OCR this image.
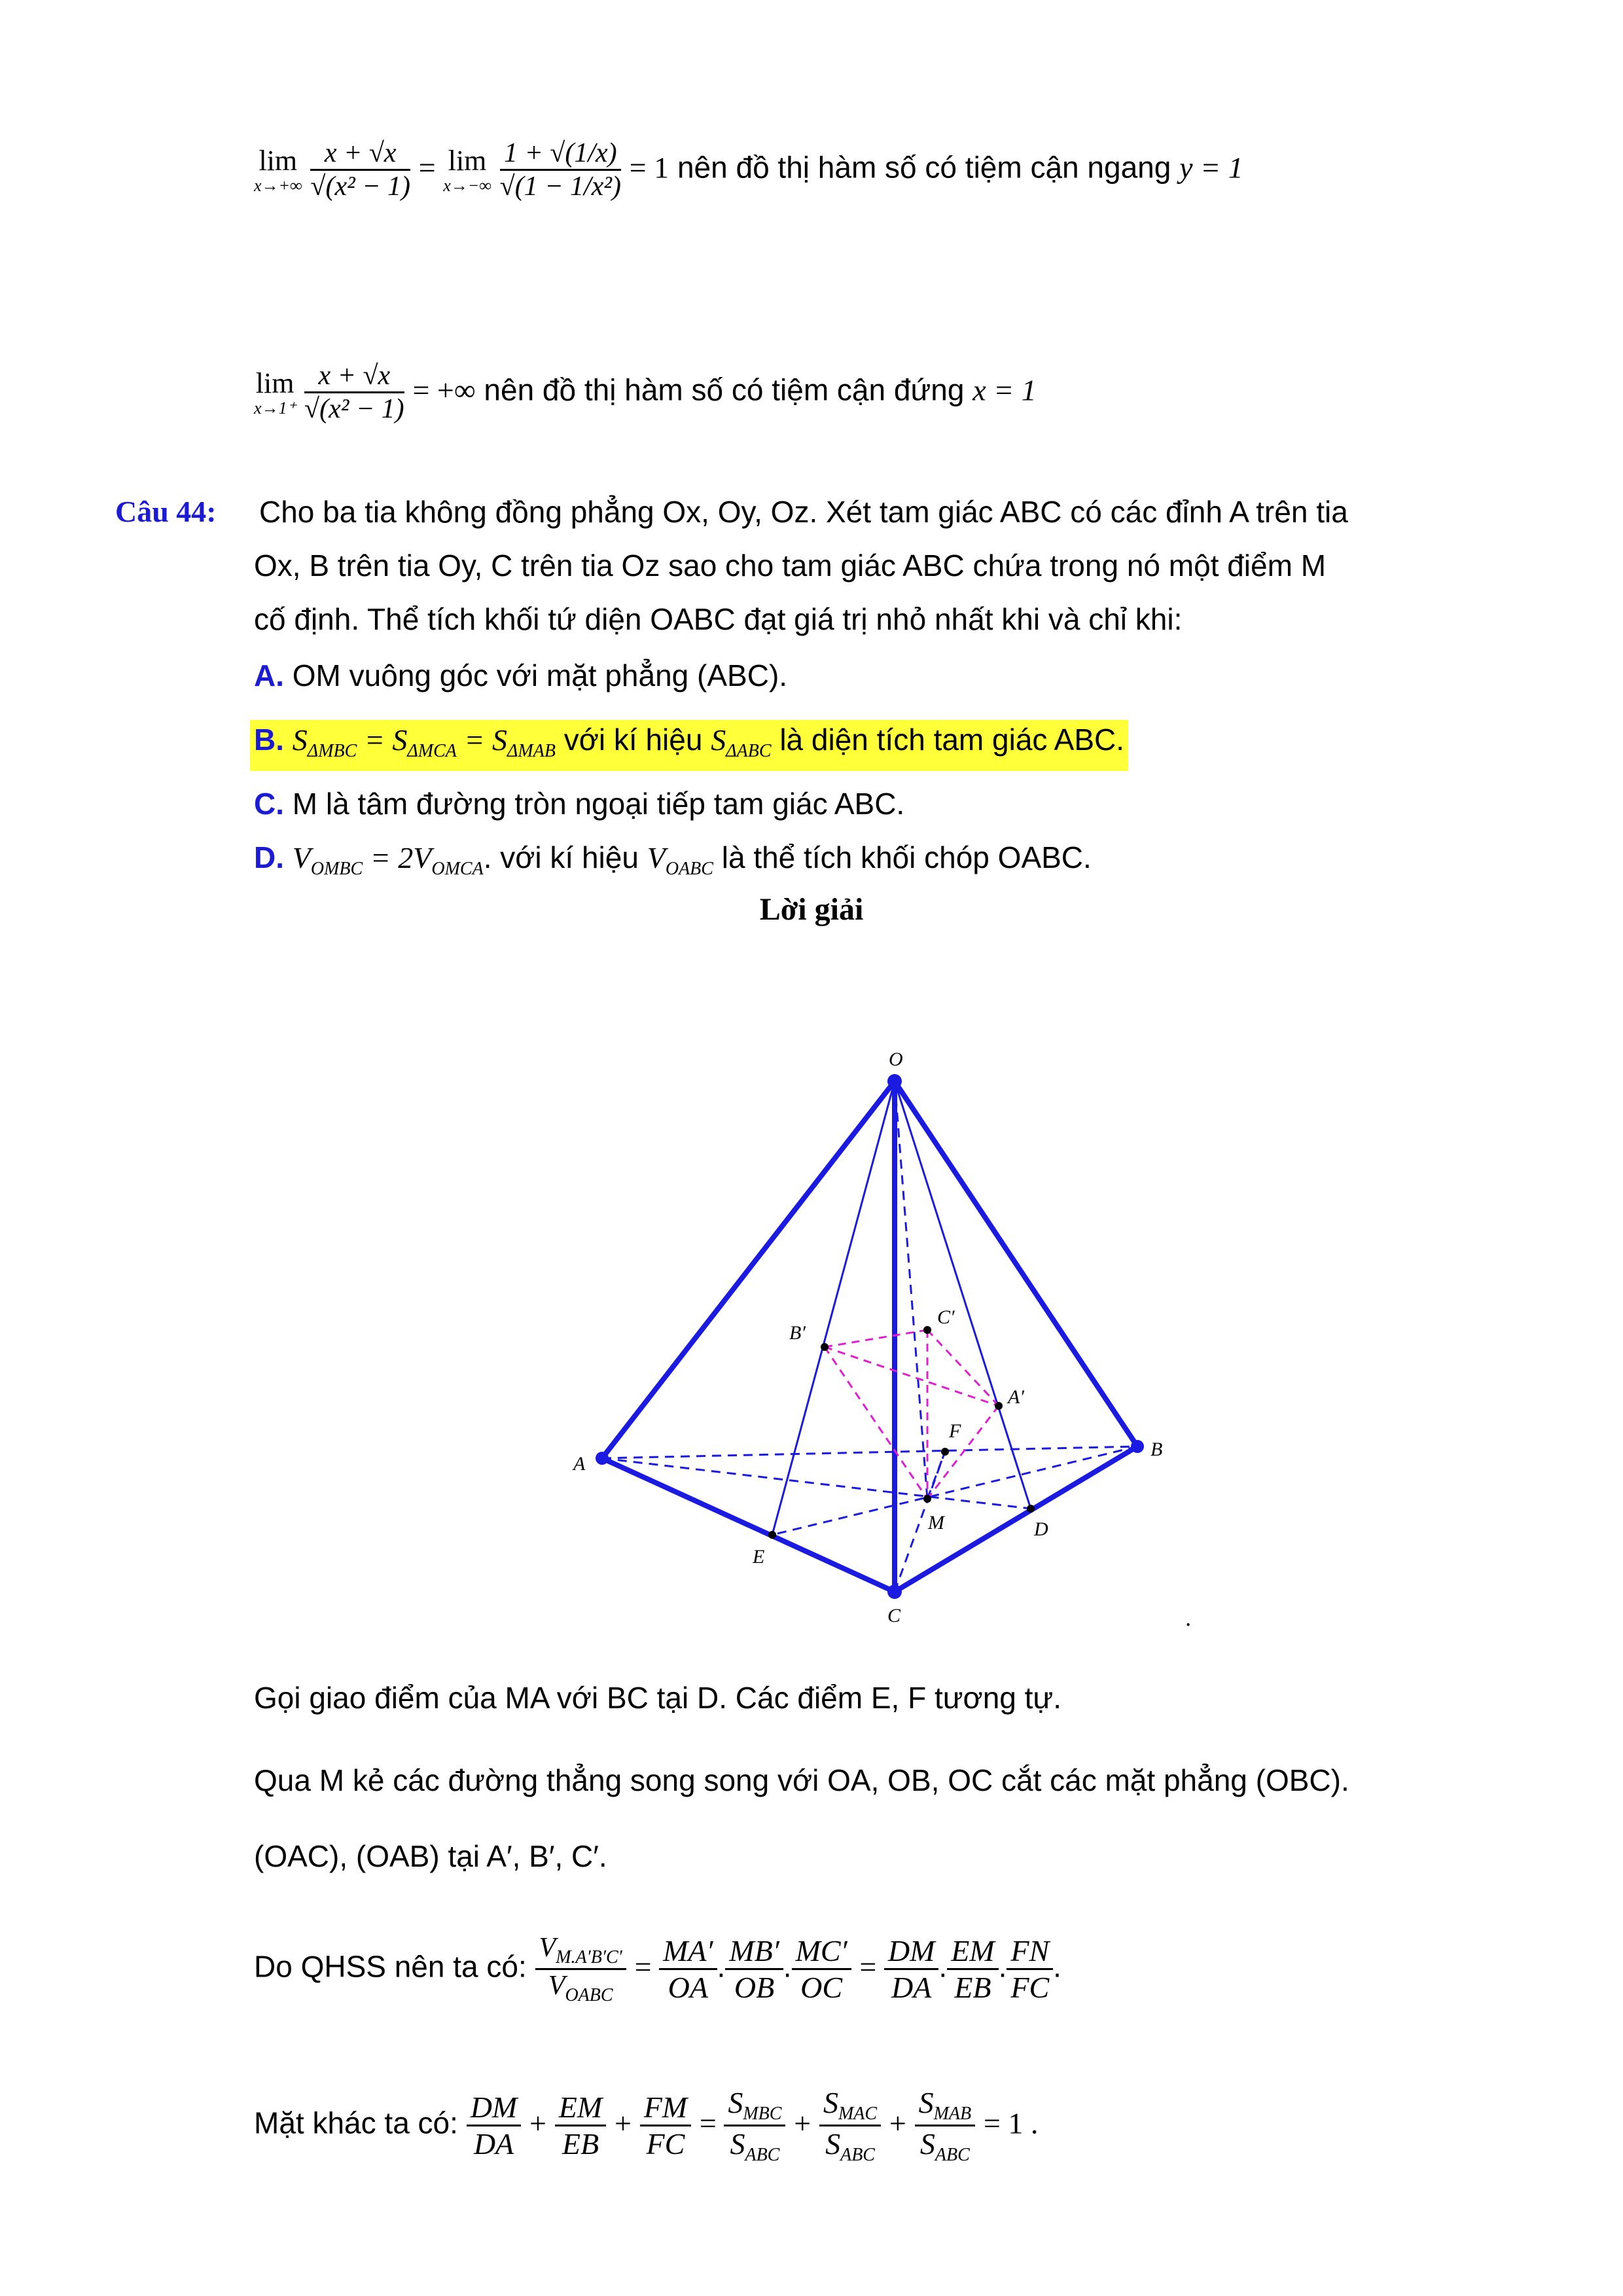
lim
x→+∞
$\frac{x + √x}{\text{√(x² − 1)}} = \lim$
x→−∞
$\frac{1 + √(1/x)}{\text{√(1 − 1/x²)}} = 1$ nên đồ thị hàm số có tiệm cận ngang y = 1
lim
x→1⁺
$\frac{x + √x}{\text{√(x² − 1)}}$ = +∞ nên đồ thị hàm số có tiệm cận đứng x = 1
Câu 44: Cho ba tia không đồng phẳng Ox, Oy, Oz. Xét tam giác ABC có các đỉnh A trên tia
Ox, B trên tia Oy, C trên tia Oz sao cho tam giác ABC chứa trong nó một điểm M
cố định. Thể tích khối tứ diện OABC đạt giá trị nhỏ nhất khi và chỉ khi:
A. OM vuông góc với mặt phẳng (ABC).
B. $S_{\Delta MBC} = S_{\Delta MCA} = S_{\Delta MAB}$ với kí hiệu $S_{\Delta ABC}$ là diện tích tam giác ABC.
C. M là tâm đường tròn ngoại tiếp tam giác ABC.
D. $V_{OMBC} = 2V_{OMCA}$. với kí hiệu $V_{OABC}$ là thể tích khối chóp OABC.
Lời giải
O
A
B
C
D
E
F
M
A′
B′
C′
.
Gọi giao điểm của MA với BC tại D. Các điểm E, F tương tự.
Qua M kẻ các đường thẳng song song với OA, OB, OC cắt các mặt phẳng (OBC).
(OAC), (OAB) tại A′, B′, C′.
Do QHSS nên ta có: $\frac{V_{M.A'B'C'}}{V_{OABC}} = \frac{MA'}{OA}$ . $\frac{MB'}{OB}$ . $\frac{MC'}{OC} = \frac{DM}{DA}$ . $\frac{EM}{EB}$ . $\frac{FN}{FC}$ .
Mặt khác ta có: $\frac{DM}{DA} + \frac{EM}{EB} + \frac{FM}{FC} = \frac{S_{MBC}}{S_{ABC}} + \frac{S_{MAC}}{S_{ABC}} + \frac{S_{MAB}}{S_{ABC}} = 1$ .
